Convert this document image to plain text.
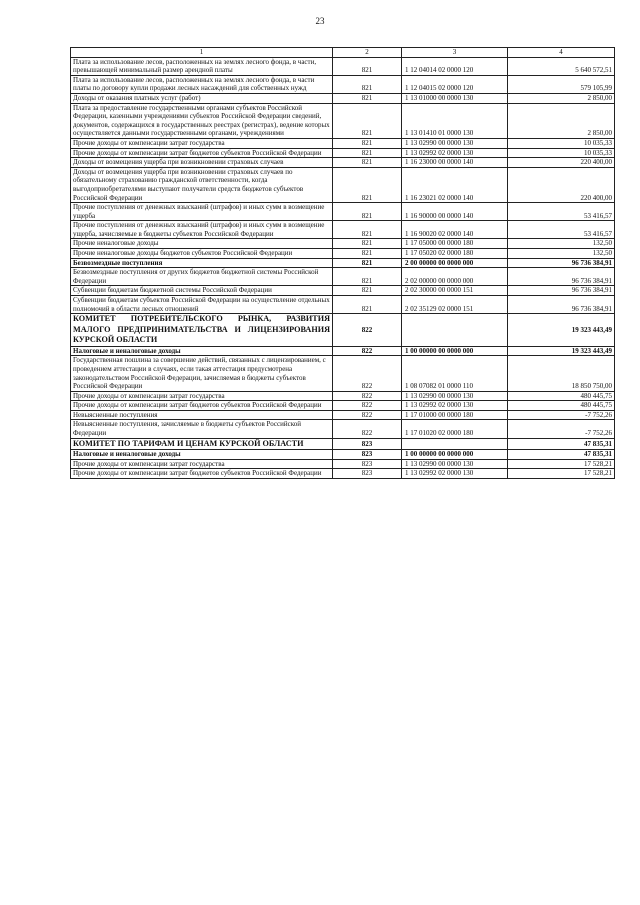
23
1	2	3	4
Плата за использование лесов, расположенных на землях лесного фонда, в части, превышающей минимальный размер арендной платы	821	1 12 04014 02 0000 120	5 640 572,51
Плата за использование лесов, расположенных на землях лесного фонда, в части платы по договору купли продажи лесных насаждений для собственных нужд	821	1 12 04015 02 0000 120	579 105,99
Доходы от оказания платных услуг (работ)	821	1 13 01000 00 0000 130	2 850,00
Плата за предоставление государственными органами субъектов Российской Федерации, казенными учреждениями субъектов Российской Федерации сведений, документов, содержащихся в государственных реестрах (регистрах), ведение которых осуществляется данными государственными органами, учреждениями	821	1 13 01410 01 0000 130	2 850,00
Прочие доходы от компенсации затрат государства	821	1 13 02990 00 0000 130	10 035,33
Прочие доходы от компенсации затрат бюджетов субъектов Российской Федерации	821	1 13 02992 02 0000 130	10 035,33
Доходы от возмещения ущерба при возникновении страховых случаев	821	1 16 23000 00 0000 140	220 400,00
Доходы от возмещения ущерба при возникновении страховых случаев по обязательному страхованию гражданской ответственности, когда выгодоприобретателями выступают получатели средств бюджетов субъектов Российской Федерации	821	1 16 23021 02 0000 140	220 400,00
Прочие поступления от денежных взысканий (штрафов) и иных сумм в возмещение ущерба	821	1 16 90000 00 0000 140	53 416,57
Прочие поступления от денежных взысканий (штрафов) и иных сумм в возмещение ущерба, зачисляемые в бюджеты субъектов Российской Федерации	821	1 16 90020 02 0000 140	53 416,57
Прочие неналоговые доходы	821	1 17 05000 00 0000 180	132,50
Прочие неналоговые доходы бюджетов субъектов Российской Федерации	821	1 17 05020 02 0000 180	132,50
Безвозмездные поступления	821	2 00 00000 00 0000 000	96 736 384,91
Безвозмездные поступления от других бюджетов бюджетной системы Российской Федерации	821	2 02 00000 00 0000 000	96 736 384,91
Субвенции бюджетам бюджетной системы Российской Федерации	821	2 02 30000 00 0000 151	96 736 384,91
Субвенции бюджетам субъектов Российской Федерации на осуществление отдельных полномочий в области лесных отношений	821	2 02 35129 02 0000 151	96 736 384,91
КОМИТЕТ ПОТРЕБИТЕЛЬСКОГО РЫНКА, РАЗВИТИЯ МАЛОГО ПРЕДПРИНИМАТЕЛЬСТВА И ЛИЦЕНЗИРОВАНИЯ КУРСКОЙ ОБЛАСТИ	822		19 323 443,49
Налоговые и неналоговые доходы	822	1 00 00000 00 0000 000	19 323 443,49
Государственная пошлина за совершение действий, связанных с лицензированием, с проведением аттестации в случаях, если такая аттестация предусмотрена законодательством Российской Федерации, зачисляемая в бюджеты субъектов Российской Федерации	822	1 08 07082 01 0000 110	18 850 750,00
Прочие доходы от компенсации затрат государства	822	1 13 02990 00 0000 130	480 445,75
Прочие доходы от компенсации затрат бюджетов субъектов Российской Федерации	822	1 13 02992 02 0000 130	480 445,75
Невыясненные поступления	822	1 17 01000 00 0000 180	-7 752,26
Невыясненные поступления, зачисляемые в бюджеты субъектов Российской Федерации	822	1 17 01020 02 0000 180	-7 752,26
КОМИТЕТ ПО ТАРИФАМ И ЦЕНАМ КУРСКОЙ ОБЛАСТИ	823		47 835,31
Налоговые и неналоговые доходы	823	1 00 00000 00 0000 000	47 835,31
Прочие доходы от компенсации затрат государства	823	1 13 02990 00 0000 130	17 528,21
Прочие доходы от компенсации затрат бюджетов субъектов Российской Федерации	823	1 13 02992 02 0000 130	17 528,21
